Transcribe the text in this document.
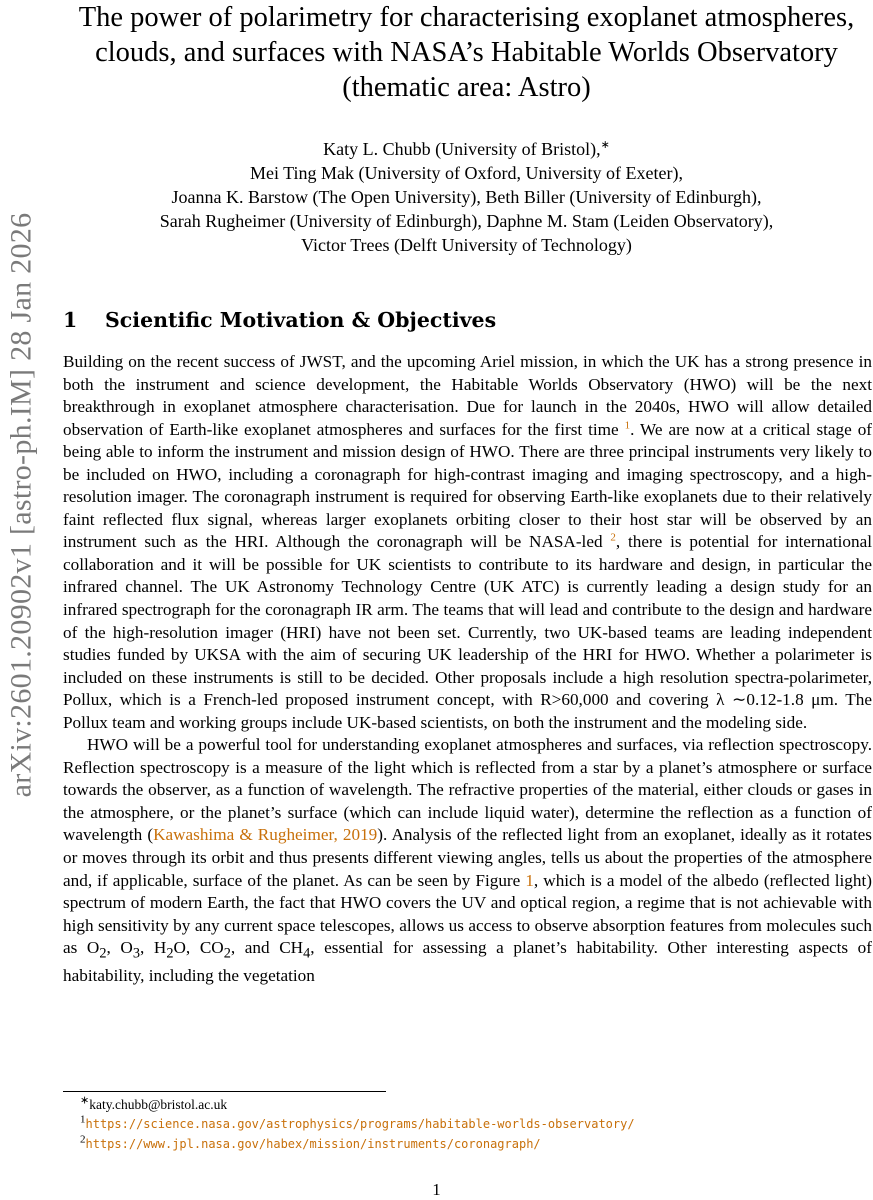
arXiv:2601.20902v1 [astro-ph.IM] 28 Jan 2026
The power of polarimetry for characterising exoplanet atmospheres,
clouds, and surfaces with NASA’s Habitable Worlds Observatory
(thematic area: Astro)
Katy L. Chubb (University of Bristol),∗
Mei Ting Mak (University of Oxford, University of Exeter),
Joanna K. Barstow (The Open University), Beth Biller (University of Edinburgh),
Sarah Rugheimer (University of Edinburgh), Daphne M. Stam (Leiden Observatory),
Victor Trees (Delft University of Technology)
1 Scientific Motivation & Objectives

Building on the recent success of JWST, and the upcoming Ariel mission, in which the UK has a strong presence in both the instrument and science development, the Habitable Worlds Observatory (HWO) will be the next breakthrough in exoplanet atmosphere characterisation. Due for launch in the 2040s, HWO will allow detailed observation of Earth-like exoplanet atmospheres and surfaces for the first time $^1$. We are now at a critical stage of being able to inform the instrument and mission design of HWO. There are three principal instruments very likely to be included on HWO, including a coronagraph for high-contrast imaging and imaging spectroscopy, and a high-resolution imager. The coronagraph instrument is required for observing Earth-like exoplanets due to their relatively faint reflected flux signal, whereas larger exoplanets orbiting closer to their host star will be observed by an instrument such as the HRI. Although the coronagraph will be NASA-led $^2$, there is potential for international collaboration and it will be possible for UK scientists to contribute to its hardware and design, in particular the infrared channel. The UK Astronomy Technology Centre (UK ATC) is currently leading a design study for an infrared spectrograph for the coronagraph IR arm. The teams that will lead and contribute to the design and hardware of the high-resolution imager (HRI) have not been set. Currently, two UK-based teams are leading independent studies funded by UKSA with the aim of securing UK leadership of the HRI for HWO. Whether a polarimeter is included on these instruments is still to be decided. Other proposals include a high resolution spectra-polarimeter, Pollux, which is a French-led proposed instrument concept, with R>60,000 and covering λ ∼0.12-1.8 μm. The Pollux team and working groups include UK-based scientists, on both the instrument and the modeling side.

HWO will be a powerful tool for understanding exoplanet atmospheres and surfaces, via reflection spectroscopy. Reflection spectroscopy is a measure of the light which is reflected from a star by a planet’s atmosphere or surface towards the observer, as a function of wavelength. The refractive properties of the material, either clouds or gases in the atmosphere, or the planet’s surface (which can include liquid water), determine the reflection as a function of wavelength (Kawashima & Rugheimer, 2019). Analysis of the reflected light from an exoplanet, ideally as it rotates or moves through its orbit and thus presents different viewing angles, tells us about the properties of the atmosphere and, if applicable, surface of the planet. As can be seen by Figure 1, which is a model of the albedo (reflected light) spectrum of modern Earth, the fact that HWO covers the UV and optical region, a regime that is not achievable with high sensitivity by any current space telescopes, allows us access to observe absorption features from molecules such as $O_2$, $O_3$, $H_2O$, $CO_2$, and $CH_4$, essential for assessing a planet’s habitability. Other interesting aspects of habitability, including the vegetation

∗katy.chubb@bristol.ac.uk
$^1$https://science.nasa.gov/astrophysics/programs/habitable-worlds-observatory/
$^2$https://www.jpl.nasa.gov/habex/mission/instruments/coronagraph/
1
